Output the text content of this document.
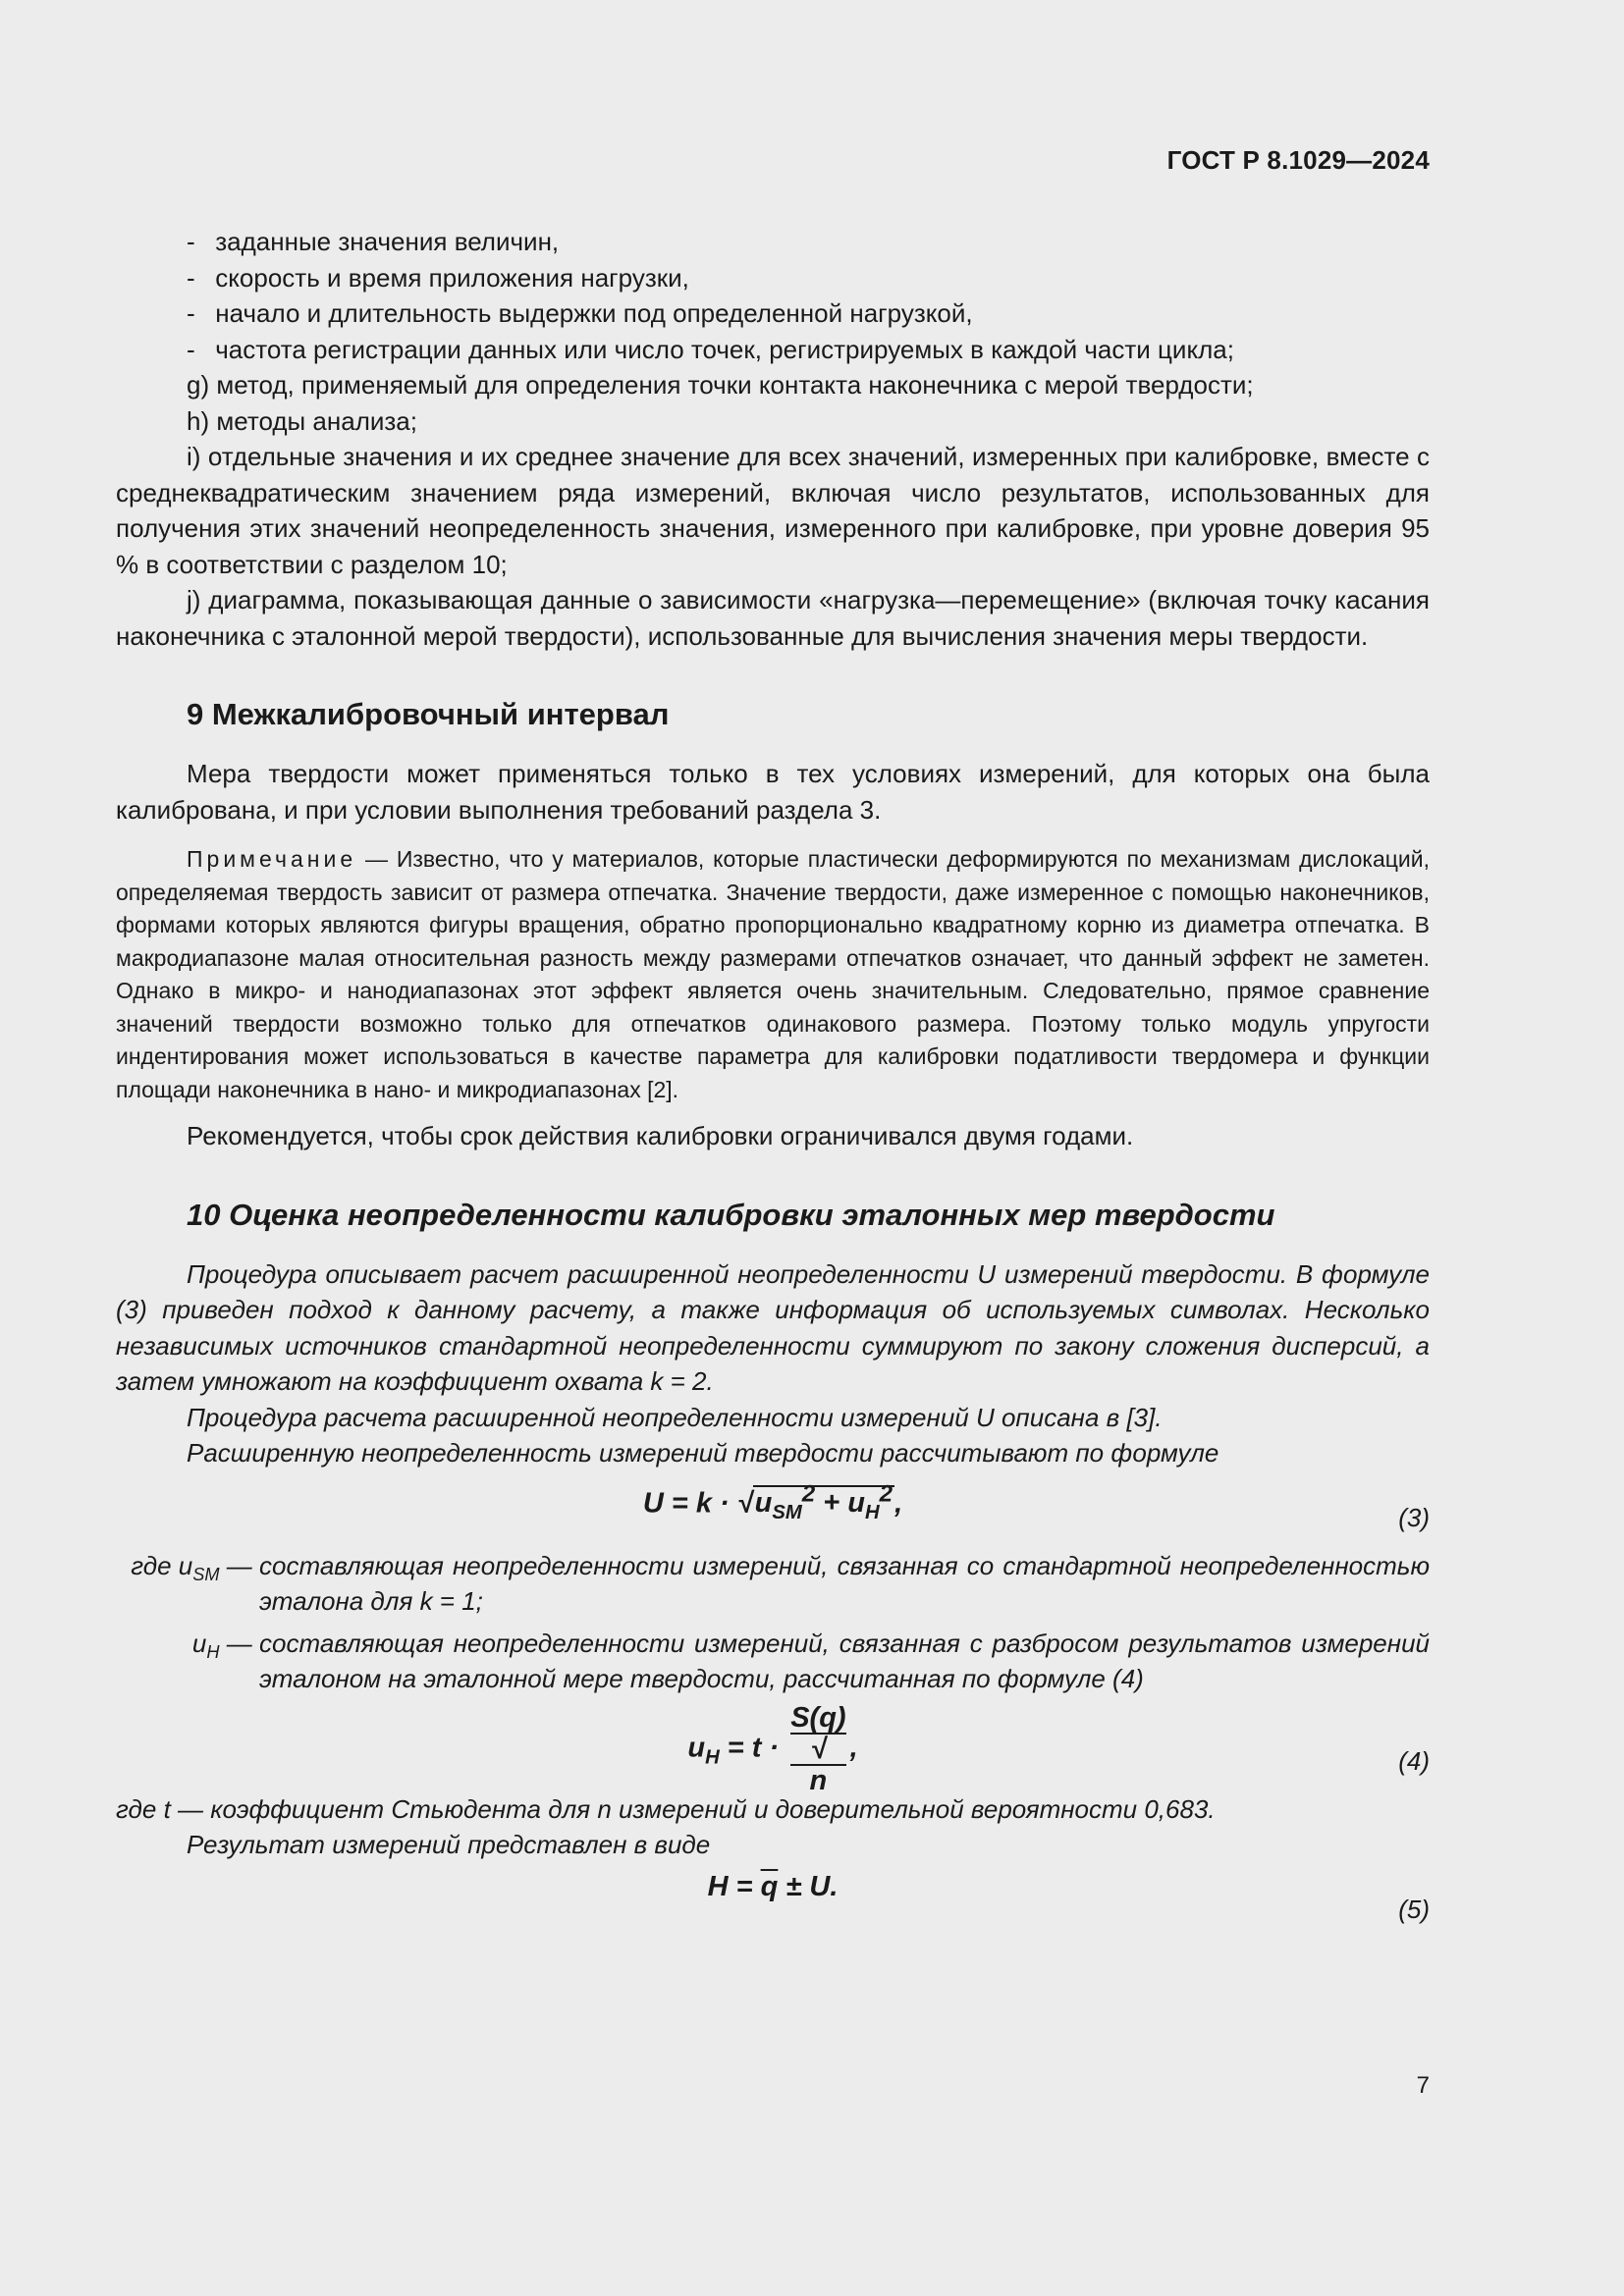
ГОСТ Р 8.1029—2024

- заданные значения величин,

- скорость и время приложения нагрузки,

- начало и длительность выдержки под определенной нагрузкой,

- частота регистрации данных или число точек, регистрируемых в каждой части цикла;

g) метод, применяемый для определения точки контакта наконечника с мерой твердости;

h) методы анализа;

i) отдельные значения и их среднее значение для всех значений, измеренных при калибровке, вместе с среднеквадратическим значением ряда измерений, включая число результатов, использованных для получения этих значений неопределенность значения, измеренного при калибровке, при уровне доверия 95 % в соответствии с разделом 10;

j) диаграмма, показывающая данные о зависимости «нагрузка—перемещение» (включая точку касания наконечника с эталонной мерой твердости), использованные для вычисления значения меры твердости.

9 Межкалибровочный интервал

Мера твердости может применяться только в тех условиях измерений, для которых она была калибрована, и при условии выполнения требований раздела 3.

Примечание — Известно, что у материалов, которые пластически деформируются по механизмам дислокаций, определяемая твердость зависит от размера отпечатка. Значение твердости, даже измеренное с помощью наконечников, формами которых являются фигуры вращения, обратно пропорционально квадратному корню из диаметра отпечатка. В макродиапазоне малая относительная разность между размерами отпечатков означает, что данный эффект не заметен. Однако в микро- и нанодиапазонах этот эффект является очень значительным. Следовательно, прямое сравнение значений твердости возможно только для отпечатков одинакового размера. Поэтому только модуль упругости индентирования может использоваться в качестве параметра для калибровки податливости твердомера и функции площади наконечника в нано- и микродиапазонах [2].

Рекомендуется, чтобы срок действия калибровки ограничивался двумя годами.

10 Оценка неопределенности калибровки эталонных мер твердости

Процедура описывает расчет расширенной неопределенности U измерений твердости. В формуле (3) приведен подход к данному расчету, а также информация об используемых символах. Несколько независимых источников стандартной неопределенности суммируют по закону сложения дисперсий, а затем умножают на коэффициент охвата k = 2.

Процедура расчета расширенной неопределенности измерений U описана в [3].

Расширенную неопределенность измерений твердости рассчитывают по формуле

$U = k \cdot √u_{SM}^2 + u_H^2$,	(3)
где $u_{SM}$ — составляющая неопределенности измерений, связанная со стандартной неопределенностью эталона для k = 1;
$u_H$ — составляющая неопределенности измерений, связанная с разбросом результатов измерений эталоном на эталонной мере твердости, рассчитанная по формуле (4)
$u_H = t \cdot S(q)$
√
n ,	(4)

где t — коэффициент Стьюдента для n измерений и доверительной вероятности 0,683.

Результат измерений представлен в виде

$H = \overline{q} \pm U$.
(5)
7
